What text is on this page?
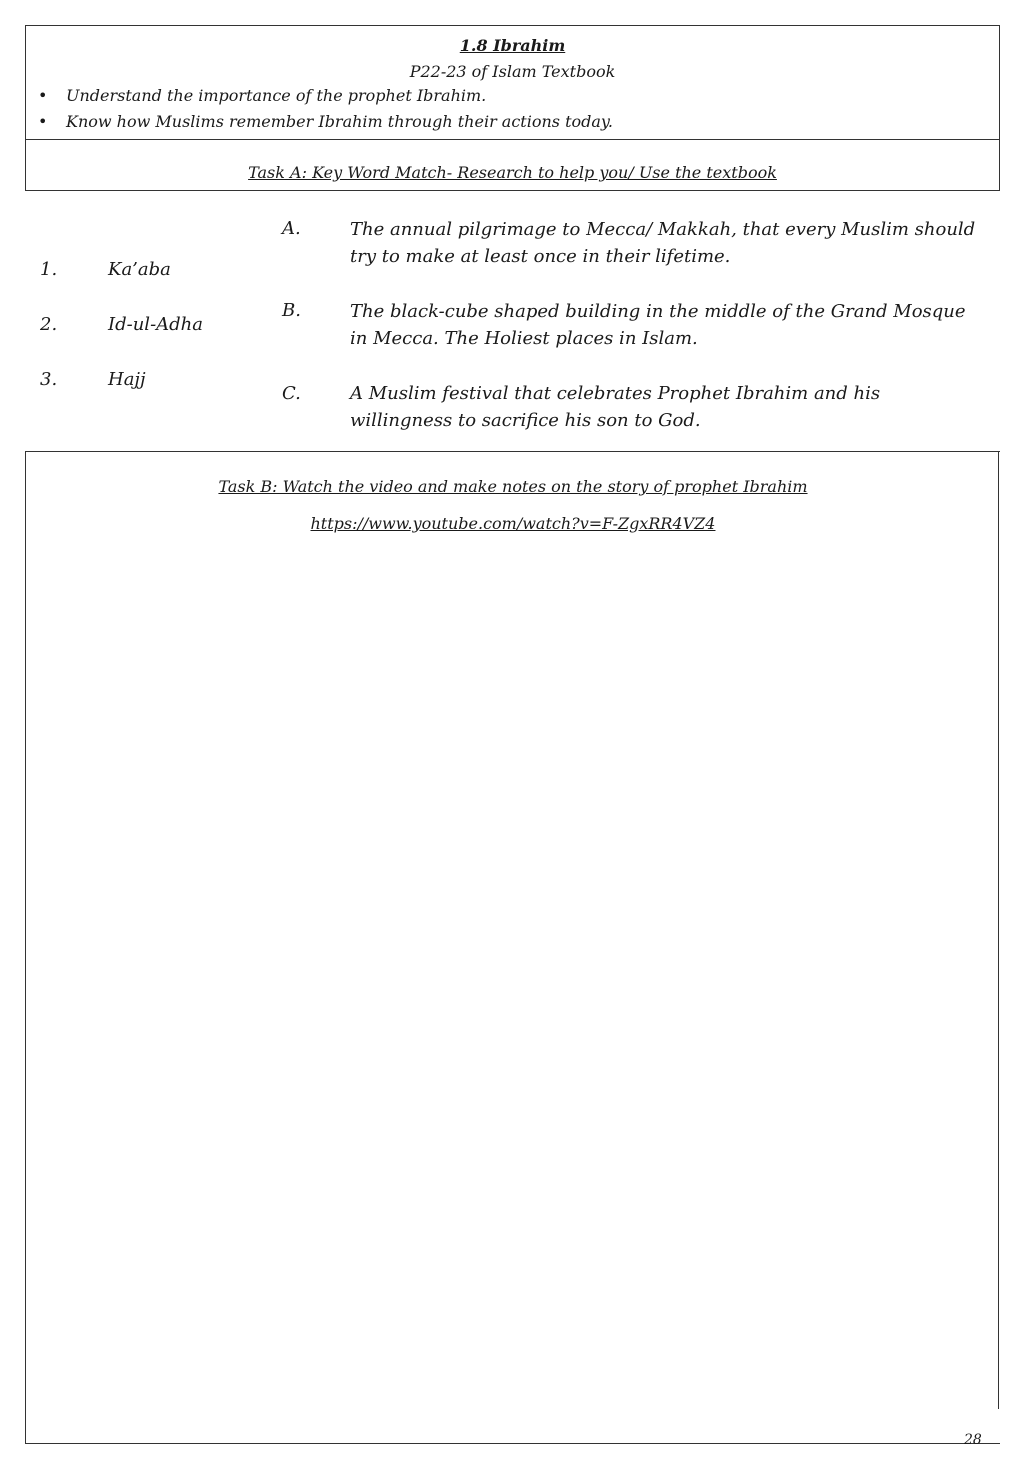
1.8 Ibrahim
P22-23 of Islam Textbook
• Understand the importance of the prophet Ibrahim.
• Know how Muslims remember Ibrahim through their actions today.
Task A: Key Word Match- Research to help you/ Use the textbook
1.	Ka’aba
2.	Id-ul-Adha
3.	Hajj
A.	The annual pilgrimage to Mecca/ Makkah, that every Muslim should try to make at least once in their lifetime.
B.	The black-cube shaped building in the middle of the Grand Mosque in Mecca. The Holiest places in Islam.
C.	A Muslim festival that celebrates Prophet Ibrahim and his willingness to sacrifice his son to God.
Task B: Watch the video and make notes on the story of prophet Ibrahim
https://www.youtube.com/watch?v=F-ZgxRR4VZ4
28
